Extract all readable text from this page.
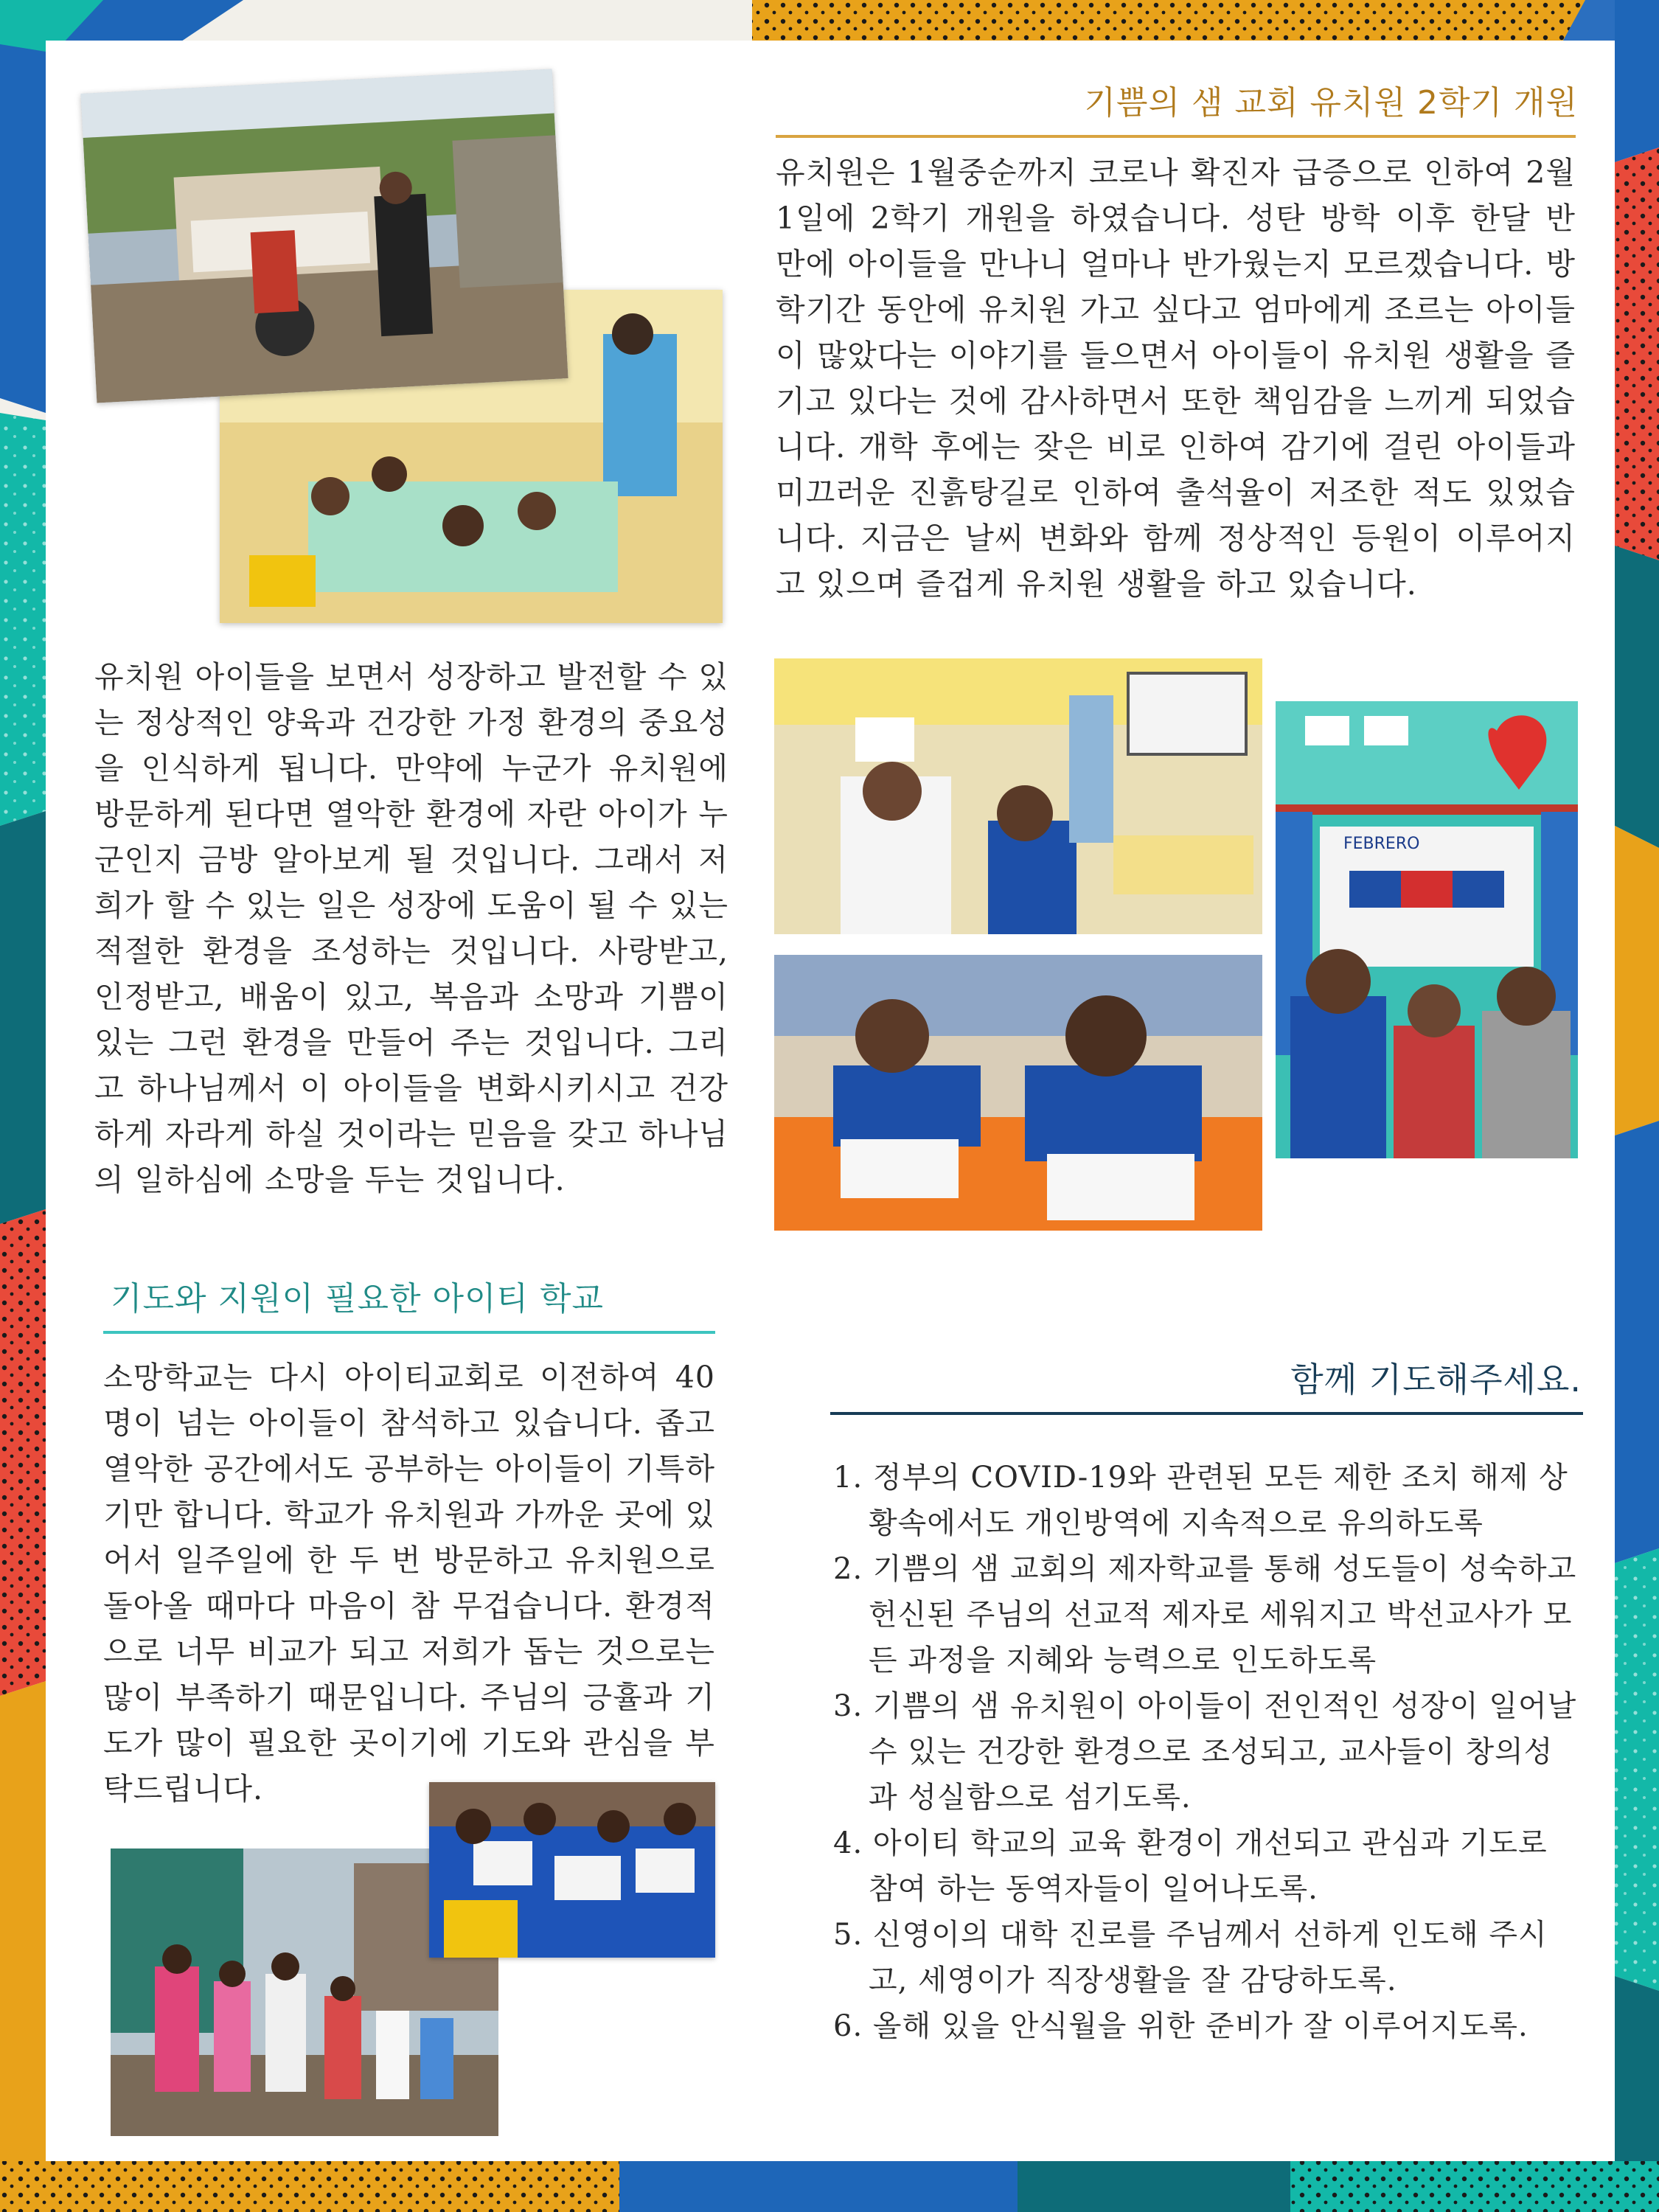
기쁨의 샘 교회 유치원 2학기 개원

유치원은 1월중순까지 코로나 확진자 급증으로 인하여 2월 1일에 2학기 개원을 하였습니다. 성탄 방학 이후 한달 반 만에 아이들을 만나니 얼마나 반가웠는지 모르겠습니다. 방학기간 동안에 유치원 가고 싶다고 엄마에게 조르는 아이들이 많았다는 이야기를 들으면서 아이들이 유치원 생활을 즐기고 있다는 것에 감사하면서 또한 책임감을 느끼게 되었습니다. 개학 후에는 잦은 비로 인하여 감기에 걸린 아이들과 미끄러운 진흙탕길로 인하여 출석율이 저조한 적도 있었습니다. 지금은 날씨 변화와 함께 정상적인 등원이 이루어지고 있으며 즐겁게 유치원 생활을 하고 있습니다.

유치원 아이들을 보면서 성장하고 발전할 수 있는 정상적인 양육과 건강한 가정 환경의 중요성을 인식하게 됩니다. 만약에 누군가 유치원에 방문하게 된다면 열악한 환경에 자란 아이가 누군인지 금방 알아보게 될 것입니다. 그래서 저희가 할 수 있는 일은 성장에 도움이 될 수 있는 적절한 환경을 조성하는 것입니다. 사랑받고, 인정받고, 배움이 있고, 복음과 소망과 기쁨이 있는 그런 환경을 만들어 주는 것입니다. 그리고 하나님께서 이 아이들을 변화시키시고 건강하게 자라게 하실 것이라는 믿음을 갖고 하나님의 일하심에 소망을 두는 것입니다.

FEBRERO
기도와 지원이 필요한 아이티 학교

소망학교는 다시 아이티교회로 이전하여 40명이 넘는 아이들이 참석하고 있습니다. 좁고 열악한 공간에서도 공부하는 아이들이 기특하기만 합니다. 학교가 유치원과 가까운 곳에 있어서 일주일에 한 두 번 방문하고 유치원으로 돌아올 때마다 마음이 참 무겁습니다. 환경적으로 너무 비교가 되고 저희가 돕는 것으로는 많이 부족하기 때문입니다. 주님의 긍휼과 기도가 많이 필요한 곳이기에 기도와 관심을 부탁드립니다.

함께 기도해주세요.
1. 정부의 COVID-19와 관련된 모든 제한 조치 해제 상황속에서도 개인방역에 지속적으로 유의하도록
2. 기쁨의 샘 교회의 제자학교를 통해 성도들이 성숙하고 헌신된 주님의 선교적 제자로 세워지고 박선교사가 모든 과정을 지혜와 능력으로 인도하도록
3. 기쁨의 샘 유치원이 아이들이 전인적인 성장이 일어날 수 있는 건강한 환경으로 조성되고, 교사들이 창의성과 성실함으로 섬기도록.
4. 아이티 학교의 교육 환경이 개선되고 관심과 기도로 참여 하는 동역자들이 일어나도록.
5. 신영이의 대학 진로를 주님께서 선하게 인도해 주시고, 세영이가 직장생활을 잘 감당하도록.
6. 올해 있을 안식월을 위한 준비가 잘 이루어지도록.
